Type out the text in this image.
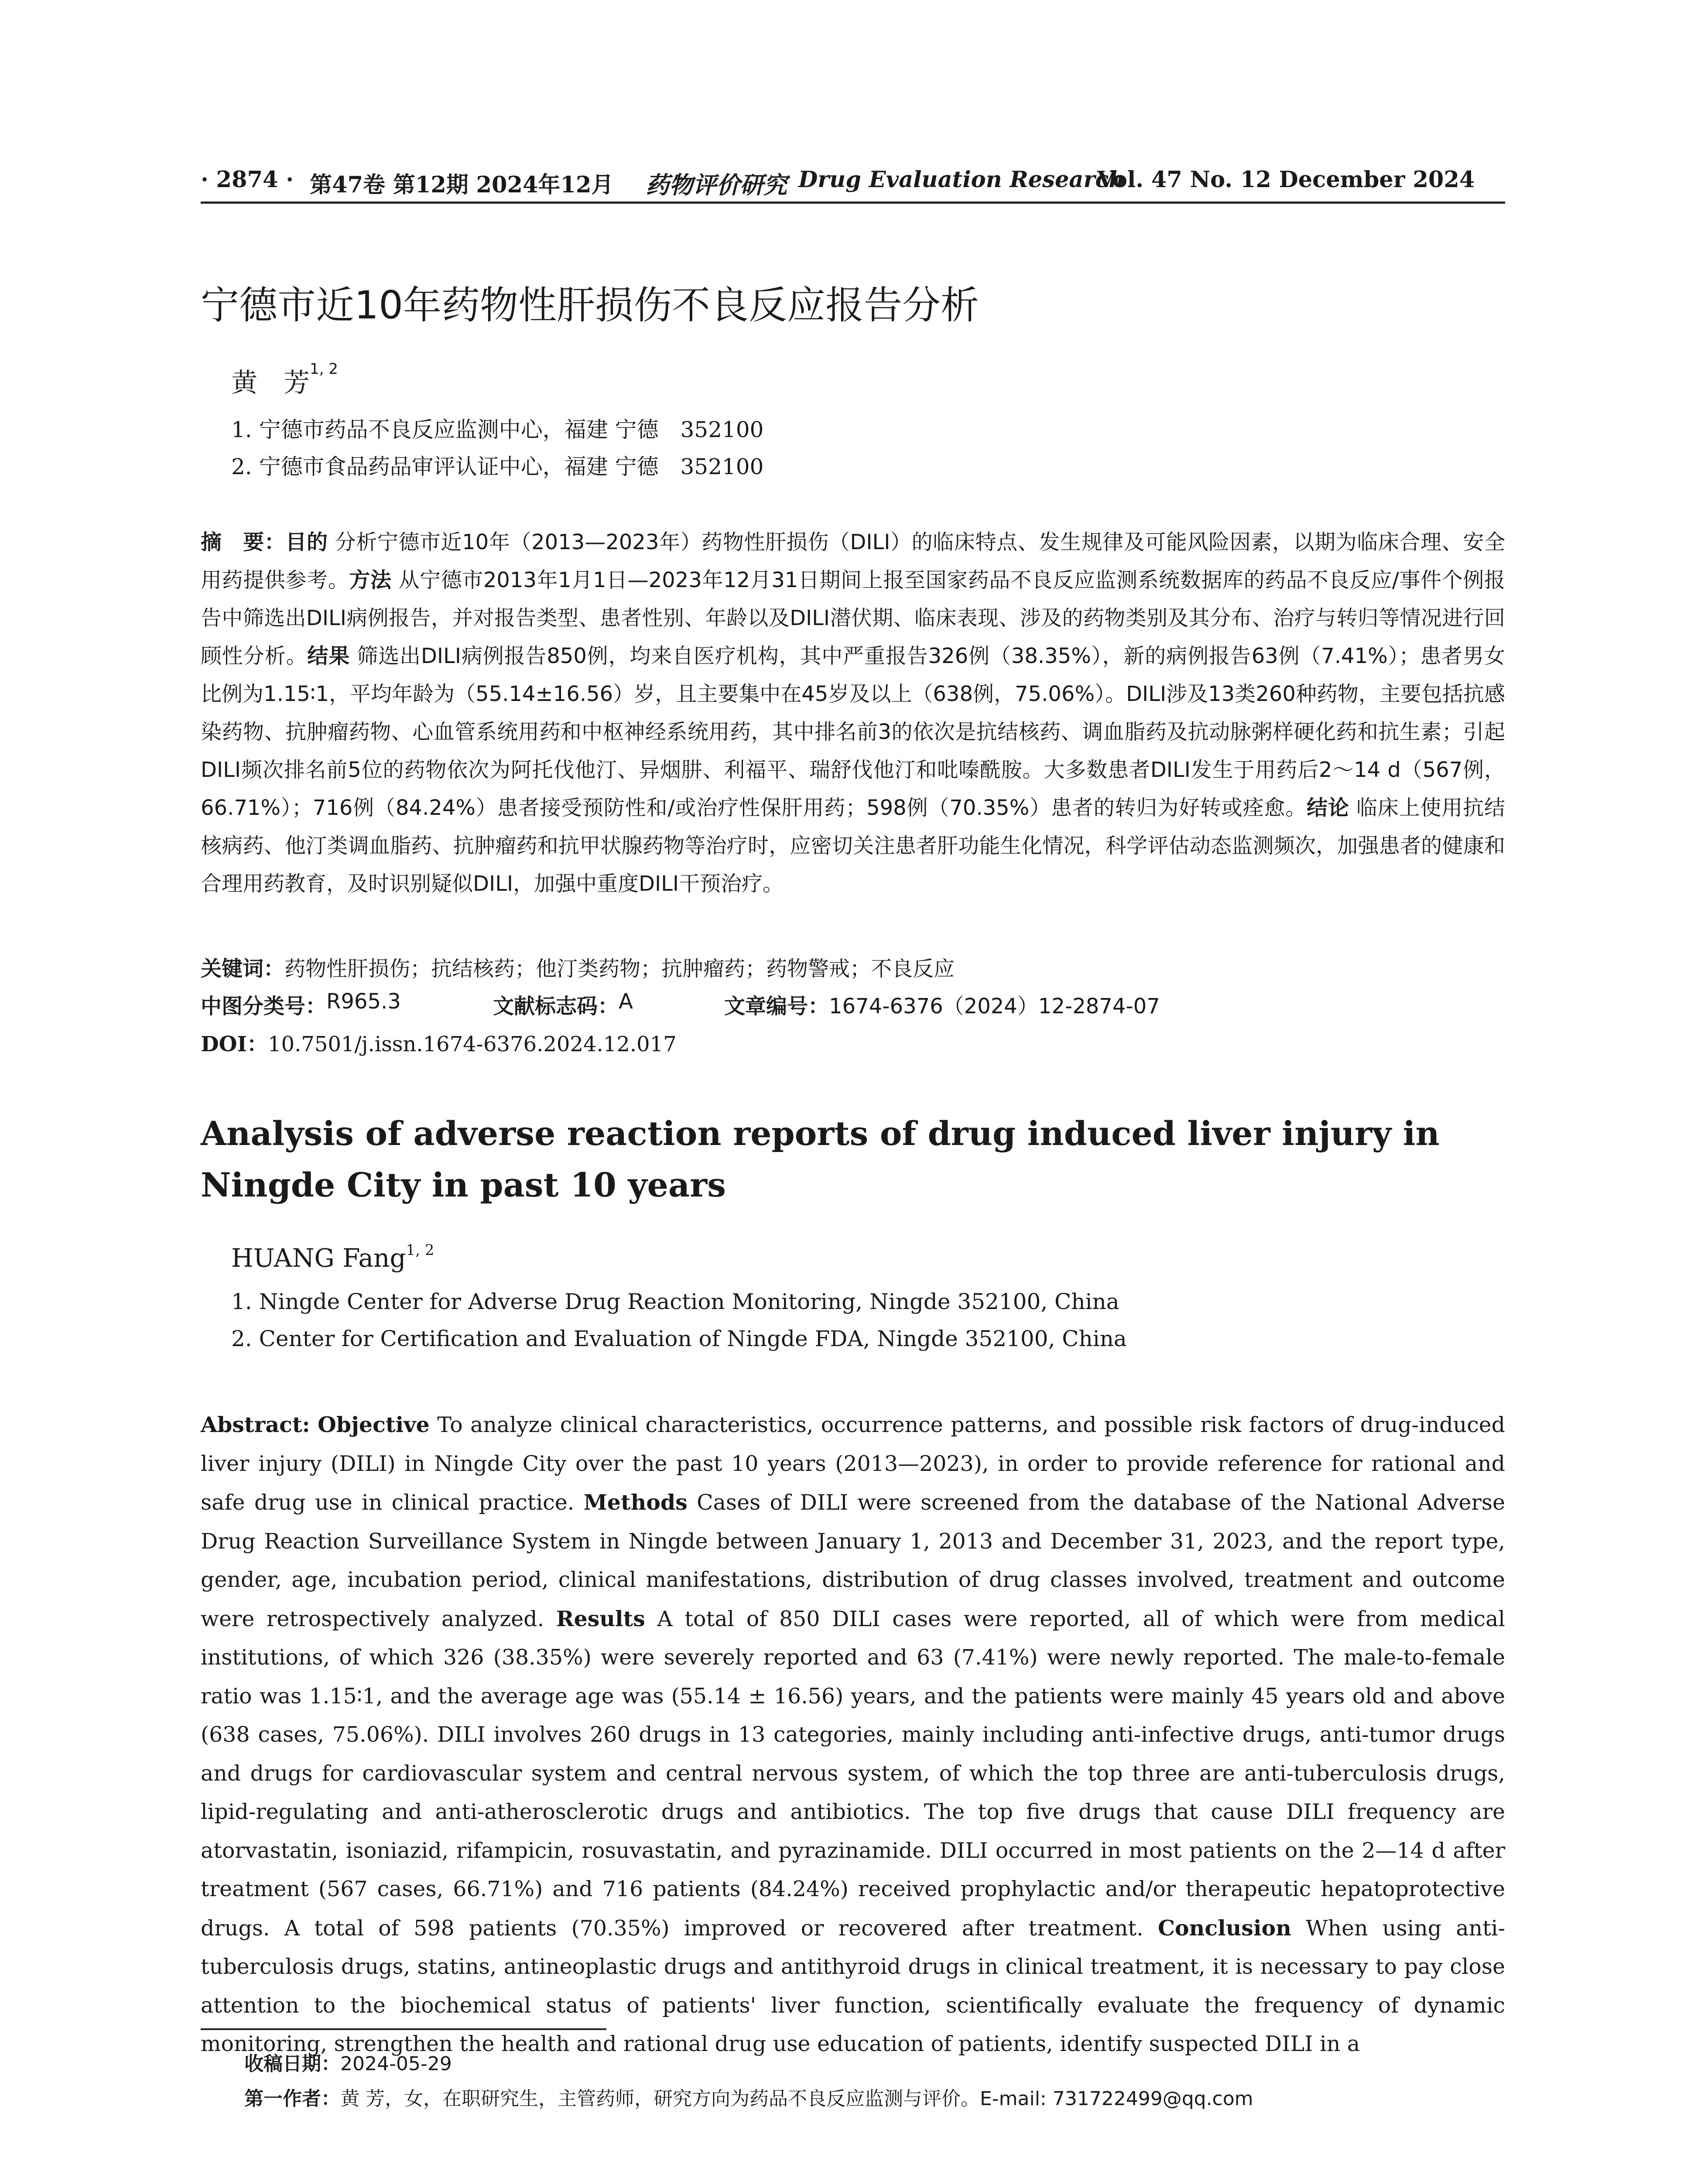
· 2874 · 第47卷 第12期 2024年12月 药物评价研究 Drug Evaluation Research
Vol. 47 No. 12 December 2024
宁德市近10年药物性肝损伤不良反应报告分析
黄　芳$^{1, 2}$
1. 宁德市药品不良反应监测中心，福建 宁德　352100
2. 宁德市食品药品审评认证中心，福建 宁德　352100
摘　要：目的 分析宁德市近10年（2013—2023年）药物性肝损伤（DILI）的临床特点、发生规律及可能风险因素，以期为临床合理、安全用药提供参考。方法 从宁德市2013年1月1日—2023年12月31日期间上报至国家药品不良反应监测系统数据库的药品不良反应/事件个例报告中筛选出DILI病例报告，并对报告类型、患者性别、年龄以及DILI潜伏期、临床表现、涉及的药物类别及其分布、治疗与转归等情况进行回顾性分析。结果 筛选出DILI病例报告850例，均来自医疗机构，其中严重报告326例（38.35%），新的病例报告63例（7.41%）；患者男女比例为1.15∶1，平均年龄为（55.14±16.56）岁，且主要集中在45岁及以上（638例，75.06%）。DILI涉及13类260种药物，主要包括抗感染药物、抗肿瘤药物、心血管系统用药和中枢神经系统用药，其中排名前3的依次是抗结核药、调血脂药及抗动脉粥样硬化药和抗生素；引起DILI频次排名前5位的药物依次为阿托伐他汀、异烟肼、利福平、瑞舒伐他汀和吡嗪酰胺。大多数患者DILI发生于用药后2～14 d（567例，66.71%）；716例（84.24%）患者接受预防性和/或治疗性保肝用药；598例（70.35%）患者的转归为好转或痊愈。结论 临床上使用抗结核病药、他汀类调血脂药、抗肿瘤药和抗甲状腺药物等治疗时，应密切关注患者肝功能生化情况，科学评估动态监测频次，加强患者的健康和合理用药教育，及时识别疑似DILI，加强中重度DILI干预治疗。
关键词：药物性肝损伤；抗结核药；他汀类药物；抗肿瘤药；药物警戒；不良反应
中图分类号： R965.3	文献标志码： A	文章编号： 1674-6376（2024）12-2874-07
DOI：10.7501/j.issn.1674-6376.2024.12.017
Analysis of adverse reaction reports of drug induced liver injury in Ningde City in past 10 years
HUANG Fang$^{1, 2}$
1. Ningde Center for Adverse Drug Reaction Monitoring, Ningde 352100, China
2. Center for Certification and Evaluation of Ningde FDA, Ningde 352100, China
Abstract: Objective To analyze clinical characteristics, occurrence patterns, and possible risk factors of drug-induced liver injury (DILI) in Ningde City over the past 10 years (2013—2023), in order to provide reference for rational and safe drug use in clinical practice. Methods Cases of DILI were screened from the database of the National Adverse Drug Reaction Surveillance System in Ningde between January 1, 2013 and December 31, 2023, and the report type, gender, age, incubation period, clinical manifestations, distribution of drug classes involved, treatment and outcome were retrospectively analyzed. Results A total of 850 DILI cases were reported, all of which were from medical institutions, of which 326 (38.35%) were severely reported and 63 (7.41%) were newly reported. The male-to-female ratio was 1.15∶1, and the average age was (55.14 ± 16.56) years, and the patients were mainly 45 years old and above (638 cases, 75.06%). DILI involves 260 drugs in 13 categories, mainly including anti-infective drugs, anti-tumor drugs and drugs for cardiovascular system and central nervous system, of which the top three are anti-tuberculosis drugs, lipid-regulating and anti-atherosclerotic drugs and antibiotics. The top five drugs that cause DILI frequency are atorvastatin, isoniazid, rifampicin, rosuvastatin, and pyrazinamide. DILI occurred in most patients on the 2—14 d after treatment (567 cases, 66.71%) and 716 patients (84.24%) received prophylactic and/or therapeutic hepatoprotective drugs. A total of 598 patients (70.35%) improved or recovered after treatment. Conclusion When using anti-tuberculosis drugs, statins, antineoplastic drugs and antithyroid drugs in clinical treatment, it is necessary to pay close attention to the biochemical status of patients' liver function, scientifically evaluate the frequency of dynamic monitoring, strengthen the health and rational drug use education of patients, identify suspected DILI in a
收稿日期：2024-05-29
第一作者：黄 芳，女，在职研究生，主管药师，研究方向为药品不良反应监测与评价。E-mail: 731722499@qq.com
